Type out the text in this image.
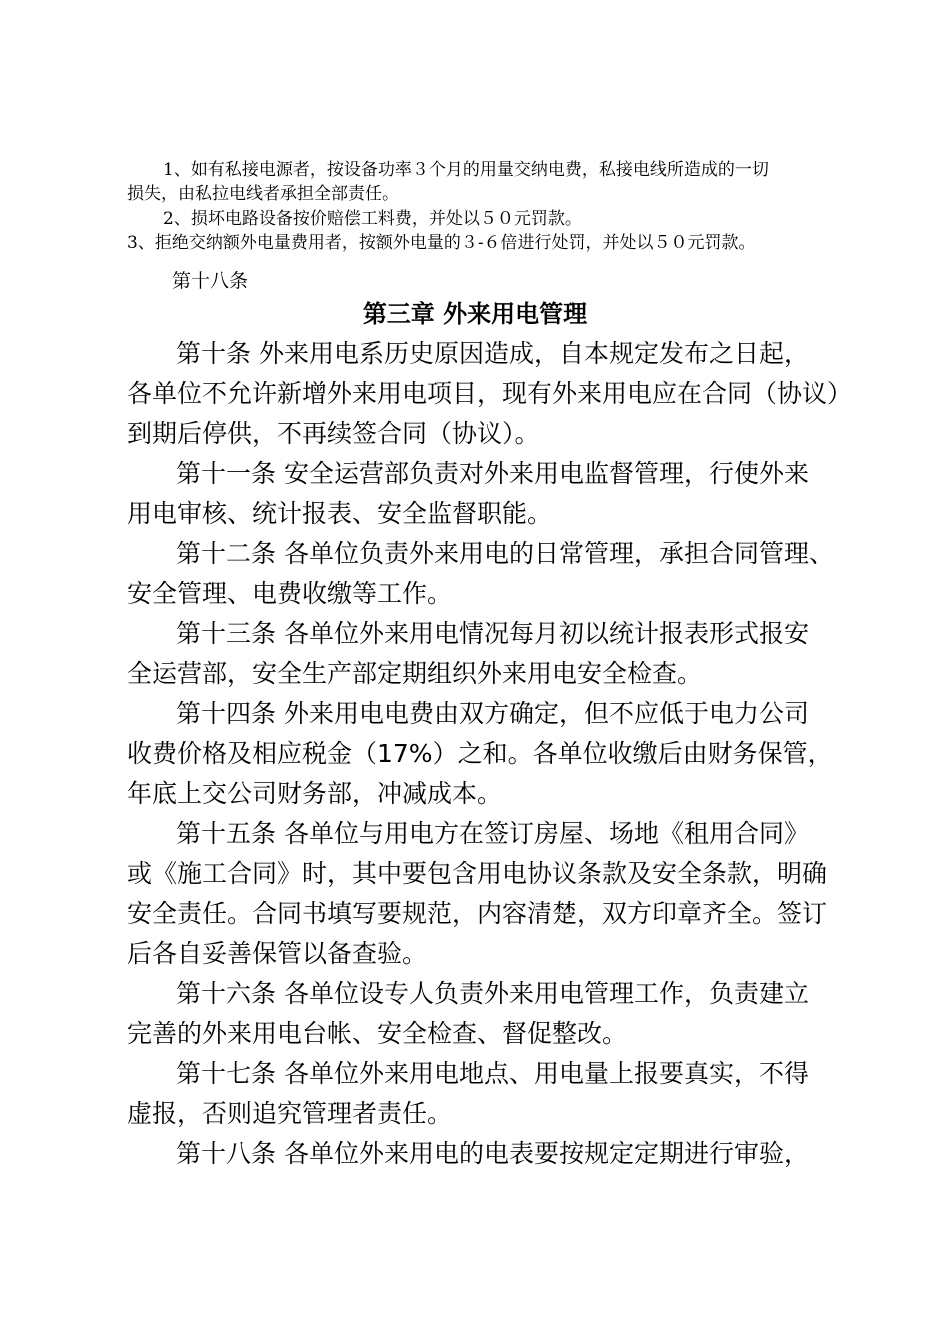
1、如有私接电源者，按设备功率３个月的用量交纳电费，私接电线所造成的一切
损失，由私拉电线者承担全部责任。
2、损坏电路设备按价赔偿工料费，并处以５０元罚款。
3、拒绝交纳额外电量费用者，按额外电量的３-６倍进行处罚，并处以５０元罚款。
第十八条
第三章 外来用电管理
第十条 外来用电系历史原因造成，自本规定发布之日起，
各单位不允许新增外来用电项目，现有外来用电应在合同（协议）
到期后停供，不再续签合同（协议）。
第十一条 安全运营部负责对外来用电监督管理，行使外来
用电审核、统计报表、安全监督职能。
第十二条 各单位负责外来用电的日常管理，承担合同管理、
安全管理、电费收缴等工作。
第十三条 各单位外来用电情况每月初以统计报表形式报安
全运营部，安全生产部定期组织外来用电安全检查。
第十四条 外来用电电费由双方确定，但不应低于电力公司
收费价格及相应税金（17%）之和。各单位收缴后由财务保管，
年底上交公司财务部，冲减成本。
第十五条 各单位与用电方在签订房屋、场地《租用合同》
或《施工合同》时，其中要包含用电协议条款及安全条款，明确
安全责任。合同书填写要规范，内容清楚，双方印章齐全。签订
后各自妥善保管以备查验。
第十六条 各单位设专人负责外来用电管理工作，负责建立
完善的外来用电台帐、安全检查、督促整改。
第十七条 各单位外来用电地点、用电量上报要真实，不得
虚报，否则追究管理者责任。
第十八条 各单位外来用电的电表要按规定定期进行审验，
